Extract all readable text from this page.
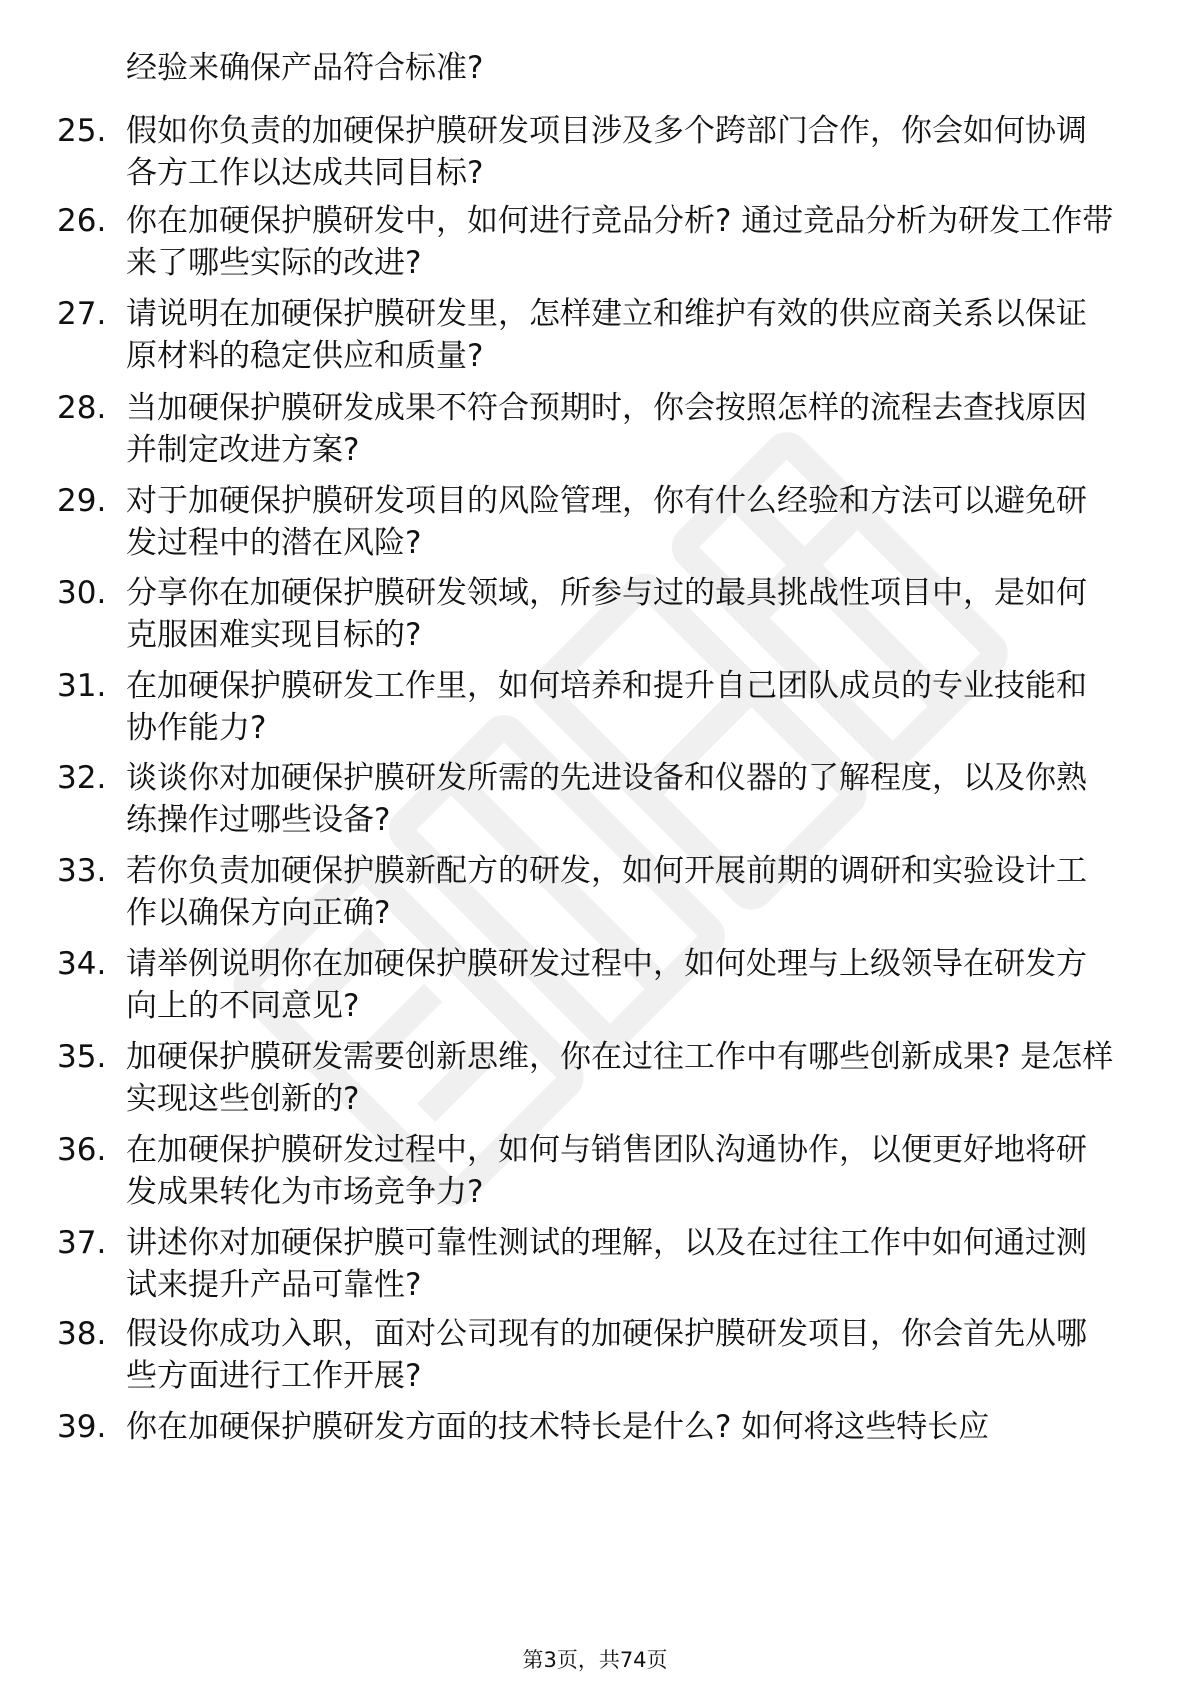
经验来确保产品符合标准?
25. 假如你负责的加硬保护膜研发项目涉及多个跨部门合作，你会如何协调各方工作以达成共同目标?
26. 你在加硬保护膜研发中，如何进行竞品分析? 通过竞品分析为研发工作带来了哪些实际的改进?
27. 请说明在加硬保护膜研发里，怎样建立和维护有效的供应商关系以保证原材料的稳定供应和质量?
28. 当加硬保护膜研发成果不符合预期时，你会按照怎样的流程去查找原因并制定改进方案?
29. 对于加硬保护膜研发项目的风险管理，你有什么经验和方法可以避免研发过程中的潜在风险?
30. 分享你在加硬保护膜研发领域，所参与过的最具挑战性项目中，是如何克服困难实现目标的?
31. 在加硬保护膜研发工作里，如何培养和提升自己团队成员的专业技能和协作能力?
32. 谈谈你对加硬保护膜研发所需的先进设备和仪器的了解程度，以及你熟练操作过哪些设备?
33. 若你负责加硬保护膜新配方的研发，如何开展前期的调研和实验设计工作以确保方向正确?
34. 请举例说明你在加硬保护膜研发过程中，如何处理与上级领导在研发方向上的不同意见?
35. 加硬保护膜研发需要创新思维，你在过往工作中有哪些创新成果? 是怎样实现这些创新的?
36. 在加硬保护膜研发过程中，如何与销售团队沟通协作，以便更好地将研发成果转化为市场竞争力?
37. 讲述你对加硬保护膜可靠性测试的理解，以及在过往工作中如何通过测试来提升产品可靠性?
38. 假设你成功入职，面对公司现有的加硬保护膜研发项目，你会首先从哪些方面进行工作开展?
39. 你在加硬保护膜研发方面的技术特长是什么? 如何将这些特长应
第3页，共74页
